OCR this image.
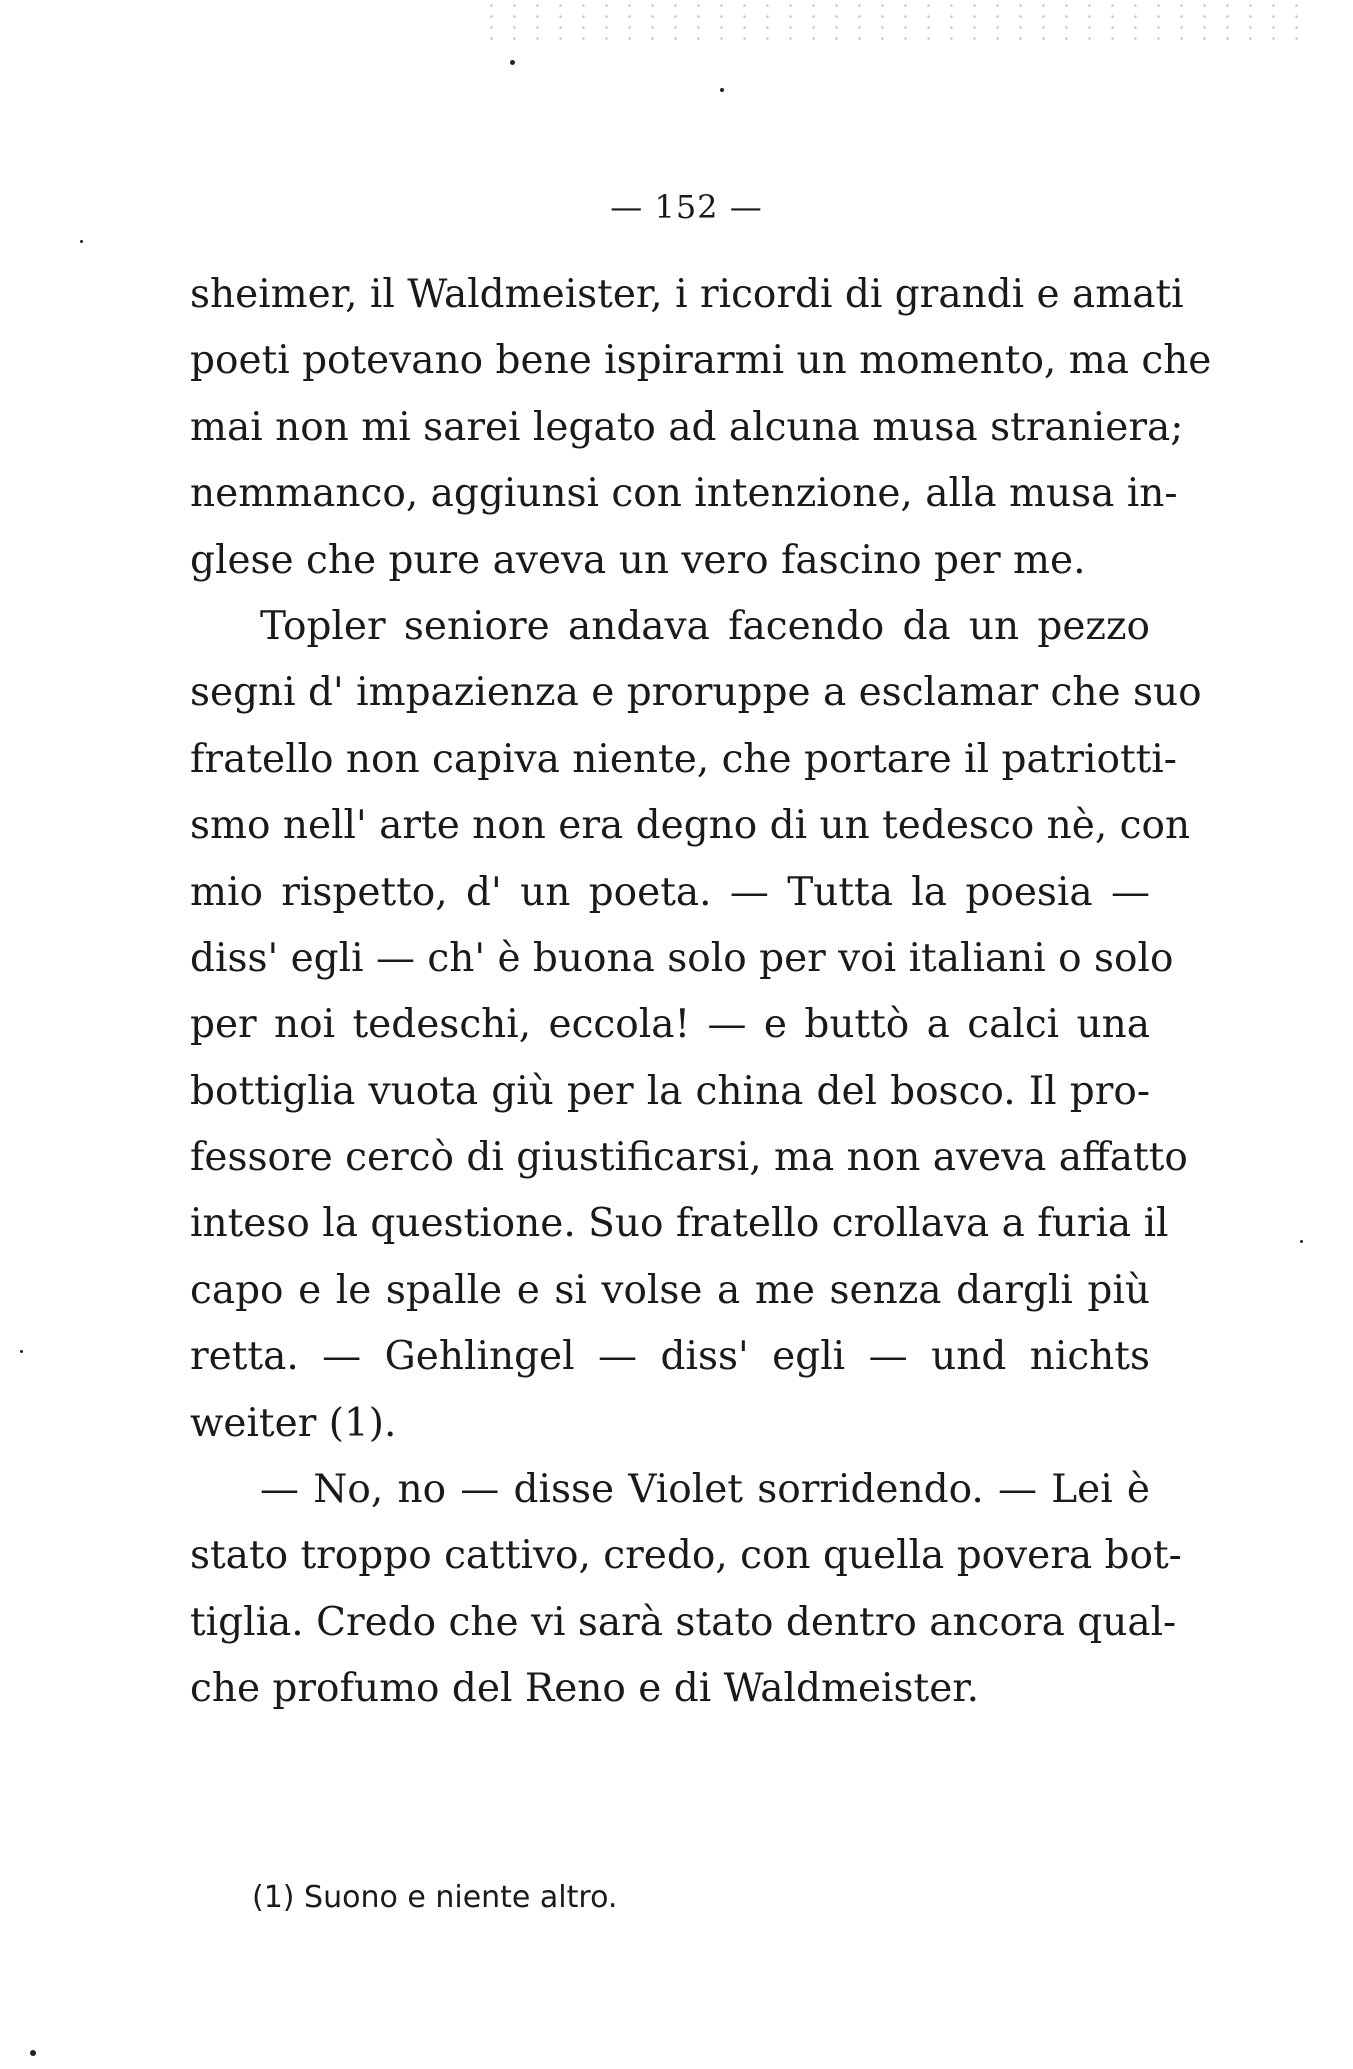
— 152 —
sheimer, il Waldmeister, i ricordi di grandi e amati
poeti potevano bene ispirarmi un momento, ma che
mai non mi sarei legato ad alcuna musa straniera;
nemmanco, aggiunsi con intenzione, alla musa in-
glese che pure aveva un vero fascino per me.
Topler seniore andava facendo da un pezzo
segni d' impazienza e proruppe a esclamar che suo
fratello non capiva niente, che portare il patriotti-
smo nell' arte non era degno di un tedesco nè, con
mio rispetto, d' un poeta. — Tutta la poesia —
diss' egli — ch' è buona solo per voi italiani o solo
per noi tedeschi, eccola! — e buttò a calci una
bottiglia vuota giù per la china del bosco. Il pro-
fessore cercò di giustificarsi, ma non aveva affatto
inteso la questione. Suo fratello crollava a furia il
capo e le spalle e si volse a me senza dargli più
retta. — Gehlingel — diss' egli — und nichts
weiter (1).
— No, no — disse Violet sorridendo. — Lei è
stato troppo cattivo, credo, con quella povera bot-
tiglia. Credo che vi sarà stato dentro ancora qual-
che profumo del Reno e di Waldmeister.
(1) Suono e niente altro.
